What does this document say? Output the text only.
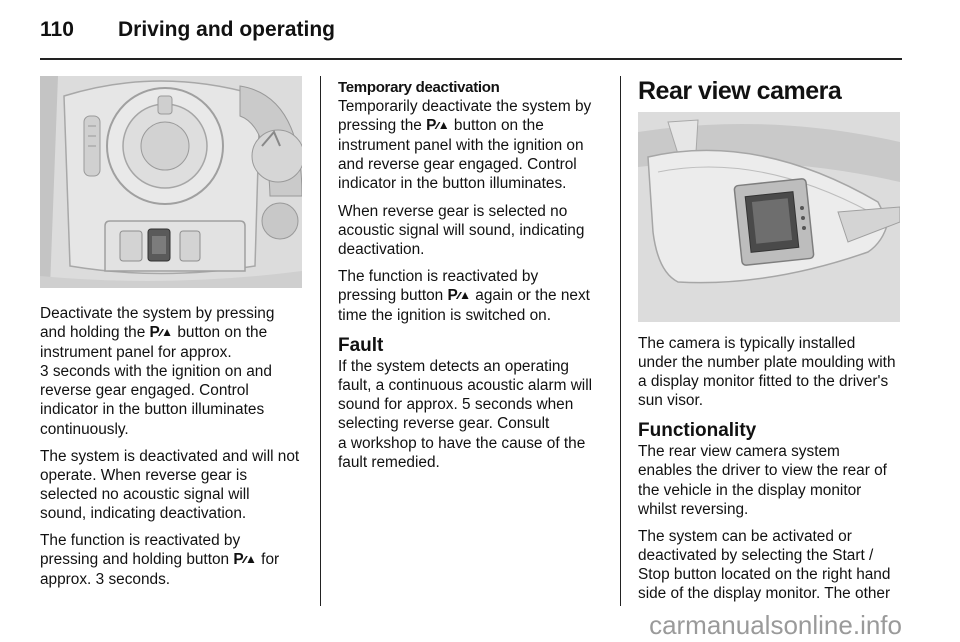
110 Driving and operating

Deactivate the system by pressing
and holding the P⁄⁄▲ button on the
instrument panel for approx.
3 seconds with the ignition on and
reverse gear engaged. Control
indicator in the button illuminates
continuously.

The system is deactivated and will not
operate. When reverse gear is
selected no acoustic signal will
sound, indicating deactivation.

The function is reactivated by
pressing and holding button P⁄⁄▲ for
approx. 3 seconds.

Temporary deactivation

Temporarily deactivate the system by
pressing the P⁄⁄▲ button on the
instrument panel with the ignition on
and reverse gear engaged. Control
indicator in the button illuminates.

When reverse gear is selected no
acoustic signal will sound, indicating
deactivation.

The function is reactivated by
pressing button P⁄⁄▲ again or the next
time the ignition is switched on.

Fault

If the system detects an operating
fault, a continuous acoustic alarm will
sound for approx. 5 seconds when
selecting reverse gear. Consult
a workshop to have the cause of the
fault remedied.

Rear view camera

The camera is typically installed
under the number plate moulding with
a display monitor fitted to the driver's
sun visor.

Functionality

The rear view camera system
enables the driver to view the rear of
the vehicle in the display monitor
whilst reversing.

The system can be activated or
deactivated by selecting the Start /
Stop button located on the right hand
side of the display monitor. The other

carmanualsonline.info
